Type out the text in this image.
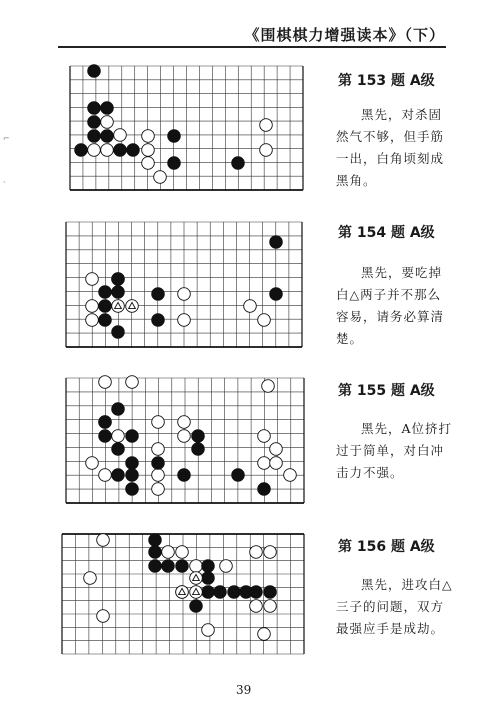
《围棋棋力增强读本》（下）
第 153 题 A级
黑先，对杀固然气不够，但手筋一出，白角顷刻成黑角。
第 154 题 A级
黑先，要吃掉白△两子并不那么容易，请务必算清楚。
第 155 题 A级
黑先，A位挤打过于简单，对白冲击力不强。
第 156 题 A级
黑先，进攻白△三子的问题，双方最强应手是成劫。
39
⌐
·
